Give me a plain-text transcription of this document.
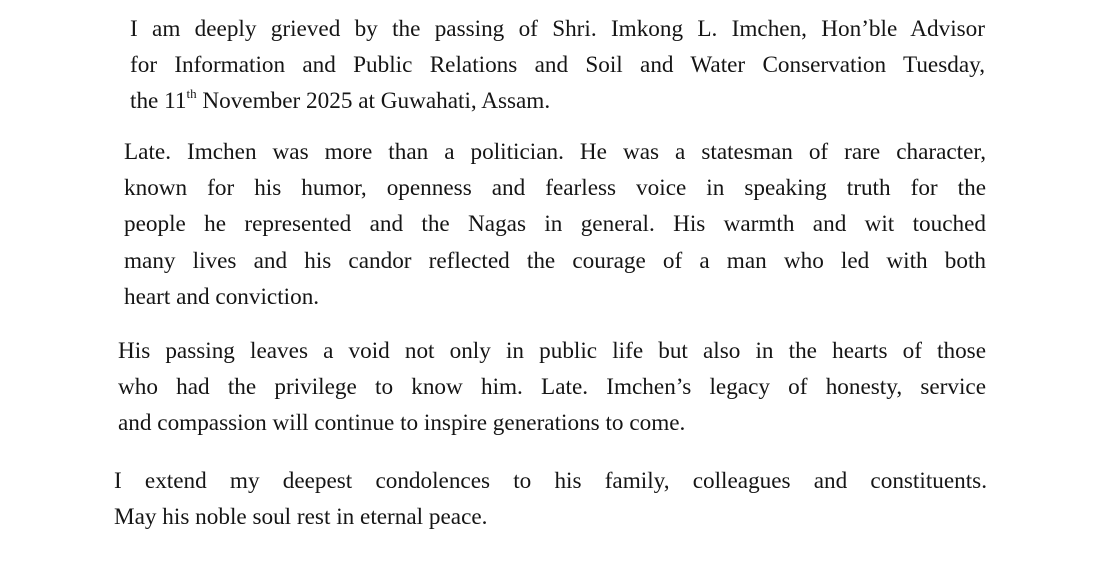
I am deeply grieved by the passing of Shri. Imkong L. Imchen, Hon’ble Advisor
for Information and Public Relations and Soil and Water Conservation Tuesday,
the 11th November 2025 at Guwahati, Assam.

Late. Imchen was more than a politician. He was a statesman of rare character,
known for his humor, openness and fearless voice in speaking truth for the
people he represented and the Nagas in general. His warmth and wit touched
many lives and his candor reflected the courage of a man who led with both
heart and conviction.

His passing leaves a void not only in public life but also in the hearts of those
who had the privilege to know him. Late. Imchen’s legacy of honesty, service
and compassion will continue to inspire generations to come.

I extend my deepest condolences to his family, colleagues and constituents.
May his noble soul rest in eternal peace.
